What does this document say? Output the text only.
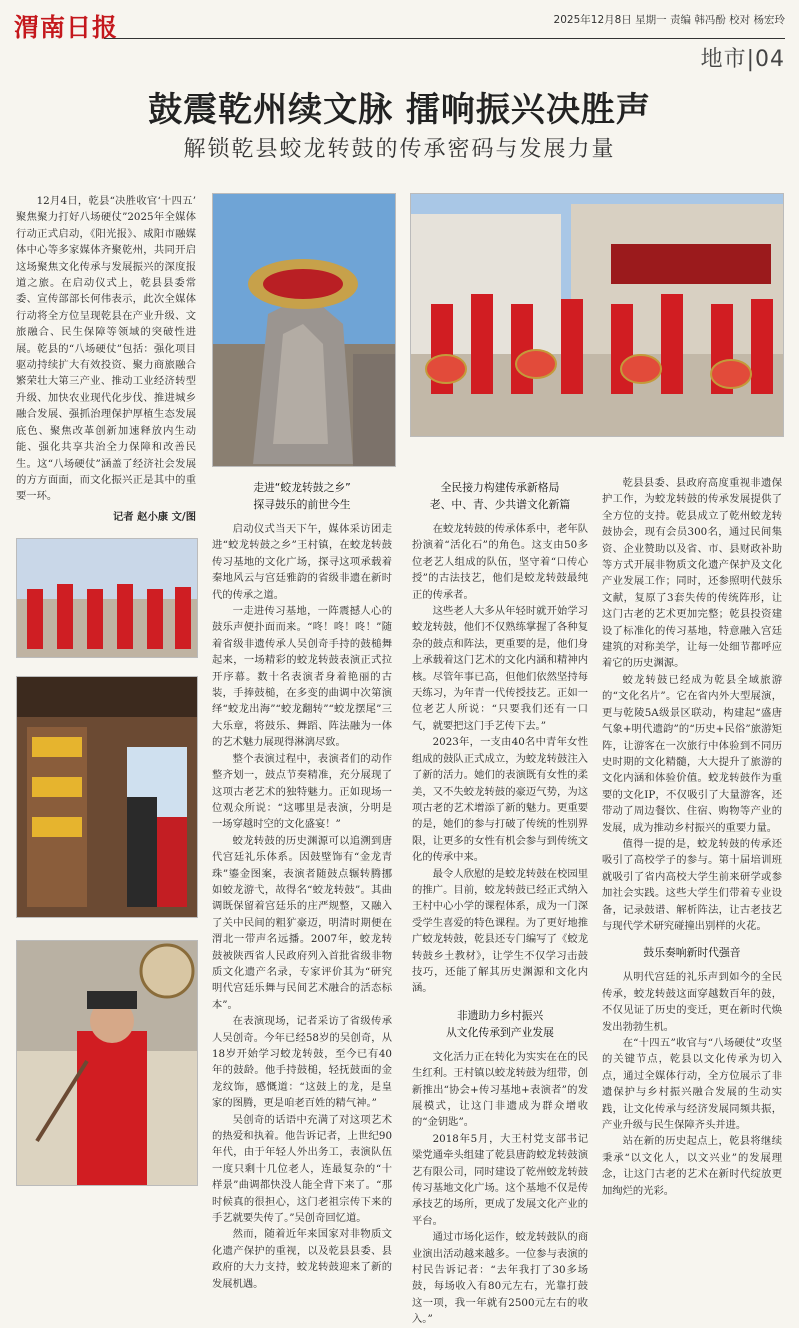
渭南日报	2025年12月8日 星期一 责编 韩冯酚 校对 杨宏玲
地市|04
鼓震乾州续文脉 擂响振兴决胜声
解锁乾县蛟龙转鼓的传承密码与发展力量

12月4日，乾县“决胜收官‘十四五’ 聚焦聚力打好八场硬仗”2025年全媒体行动正式启动，《阳光报》、咸阳市融媒体中心等多家媒体齐聚乾州，共同开启这场聚焦文化传承与发展振兴的深度报道之旅。在启动仪式上，乾县县委常委、宣传部部长何伟表示，此次全媒体行动将全方位呈现乾县在产业升级、文旅融合、民生保障等领域的突破性进展。乾县的“八场硬仗”包括：强化项目驱动持续扩大有效投资、聚力商旅融合繁荣壮大第三产业、推动工业经济转型升级、加快农业现代化步伐、推进城乡融合发展、强抓治理保护厚植生态发展底色、聚焦改革创新加速释放内生动能、强化共享共治全力保障和改善民生。这“八场硬仗”涵盖了经济社会发展的方方面面，而文化振兴正是其中的重要一环。

记者 赵小康 文/图
走进“蛟龙转鼓之乡”
探寻鼓乐的前世今生

启动仪式当天下午，媒体采访团走进“蛟龙转鼓之乡”王村镇，在蛟龙转鼓传习基地的文化广场，探寻这项承载着秦地风云与宫廷雅韵的省级非遗在新时代的传承之道。

一走进传习基地，一阵震撼人心的鼓乐声便扑面而来。“咚！咚！咚！”随着省级非遗传承人吴创奇手持的鼓槌舞起来，一场精彩的蛟龙转鼓表演正式拉开序幕。数十名表演者身着艳丽的古装，手捧鼓槌，在多变的曲调中次第演绎“蛟龙出海”“蛟龙翻转”“蛟龙摆尾”三大乐章，将鼓乐、舞蹈、阵法融为一体的艺术魅力展现得淋漓尽致。

整个表演过程中，表演者们的动作整齐划一，鼓点节奏精准，充分展现了这项古老艺术的独特魅力。正如现场一位观众所说：“这哪里是表演，分明是一场穿越时空的文化盛宴！”

蛟龙转鼓的历史渊源可以追溯到唐代宫廷礼乐体系。因鼓壁饰有“金龙青珠”鎏金图案，表演者随鼓点辗转腾挪如蛟龙游弋，故得名“蛟龙转鼓”。其曲调既保留着宫廷乐的庄严规整，又融入了关中民间的粗犷豪迈，明清时期便在渭北一带声名远播。2007年，蛟龙转鼓被陕西省人民政府列入首批省级非物质文化遗产名录，专家评价其为“研究明代宫廷乐舞与民间艺术融合的活态标本”。

在表演现场，记者采访了省级传承人吴创奇。今年已经58岁的吴创奇，从18岁开始学习蛟龙转鼓，至今已有40年的鼓龄。他手持鼓槌，轻抚鼓面的金龙纹饰，感慨道：“这鼓上的龙，是皇家的图腾，更是咱老百姓的精气神。”

吴创奇的话语中充满了对这项艺术的热爱和执着。他告诉记者，上世纪90年代，由于年轻人外出务工，表演队伍一度只剩十几位老人，连最复杂的“十样景”曲调都快没人能全背下来了。“那时候真的很担心，这门老祖宗传下来的手艺就要失传了。”吴创奇回忆道。

然而，随着近年来国家对非物质文化遗产保护的重视，以及乾县县委、县政府的大力支持，蛟龙转鼓迎来了新的发展机遇。

全民接力构建传承新格局
老、中、青、少共谱文化新篇

在蛟龙转鼓的传承体系中，老年队扮演着“活化石”的角色。这支由50多位老艺人组成的队伍，坚守着“口传心授”的古法技艺，他们是蛟龙转鼓最纯正的传承者。

这些老人大多从年轻时就开始学习蛟龙转鼓，他们不仅熟练掌握了各种复杂的鼓点和阵法，更重要的是，他们身上承载着这门艺术的文化内涵和精神内核。尽管年事已高，但他们依然坚持每天练习，为年青一代传授技艺。正如一位老艺人所说：“只要我们还有一口气，就要把这门手艺传下去。”

2023年，一支由40名中青年女性组成的鼓队正式成立，为蛟龙转鼓注入了新的活力。她们的表演既有女性的柔美，又不失蛟龙转鼓的豪迈气势，为这项古老的艺术增添了新的魅力。更重要的是，她们的参与打破了传统的性别界限，让更多的女性有机会参与到传统文化的传承中来。

最令人欣慰的是蛟龙转鼓在校园里的推广。目前，蛟龙转鼓已经正式纳入王村中心小学的课程体系，成为一门深受学生喜爱的特色课程。为了更好地推广蛟龙转鼓，乾县还专门编写了《蛟龙转鼓乡土教材》，让学生不仅学习击鼓技巧，还能了解其历史渊源和文化内涵。

非遗助力乡村振兴
从文化传承到产业发展

文化活力正在转化为实实在在的民生红利。王村镇以蛟龙转鼓为纽带，创新推出“协会+传习基地+表演者”的发展模式，让这门非遗成为群众增收的“金钥匙”。

2018年5月，大王村党支部书记梁党通牵头组建了乾县唐韵蛟龙转鼓演艺有限公司，同时建设了乾州蛟龙转鼓传习基地文化广场。这个基地不仅是传承技艺的场所，更成了发展文化产业的平台。

通过市场化运作，蛟龙转鼓队的商业演出活动越来越多。一位参与表演的村民告诉记者：“去年我打了30多场鼓，每场收入有80元左右，光靠打鼓这一项，我一年就有2500元左右的收入。”

乾县县委、县政府高度重视非遗保护工作，为蛟龙转鼓的传承发展提供了全方位的支持。乾县成立了乾州蛟龙转鼓协会，现有会员300名，通过民间集资、企业赞助以及省、市、县财政补助等方式开展非物质文化遗产保护及文化产业发展工作；同时，还参照明代鼓乐文献，复原了3套失传的传统阵形，让这门古老的艺术更加完整；乾县投资建设了标准化的传习基地，特意融入宫廷建筑的对称美学，让每一处细节都呼应着它的历史渊源。

蛟龙转鼓已经成为乾县全域旅游的“文化名片”。它在省内外大型展演，更与乾陵5A级景区联动，构建起“盛唐气象+明代遗韵”的“历史+民俗”旅游矩阵，让游客在一次旅行中体验到不同历史时期的文化精髓，大大提升了旅游的文化内涵和体验价值。蛟龙转鼓作为重要的文化IP，不仅吸引了大量游客，还带动了周边餐饮、住宿、购物等产业的发展，成为推动乡村振兴的重要力量。

值得一提的是，蛟龙转鼓的传承还吸引了高校学子的参与。第十届培训班就吸引了省内高校大学生前来研学或参加社会实践。这些大学生们带着专业设备，记录鼓谱、解析阵法，让古老技艺与现代学术研究碰撞出别样的火花。

鼓乐奏响新时代强音

从明代宫廷的礼乐声到如今的全民传承，蛟龙转鼓这面穿越数百年的鼓，不仅见证了历史的变迁，更在新时代焕发出勃勃生机。

在“十四五”收官与“八场硬仗”攻坚的关键节点，乾县以文化传承为切入点，通过全媒体行动，全方位展示了非遗保护与乡村振兴融合发展的生动实践，让文化传承与经济发展同频共振，产业升级与民生保障齐头并进。

站在新的历史起点上，乾县将继续秉承“以文化人，以文兴业”的发展理念，让这门古老的艺术在新时代绽放更加绚烂的光彩。
